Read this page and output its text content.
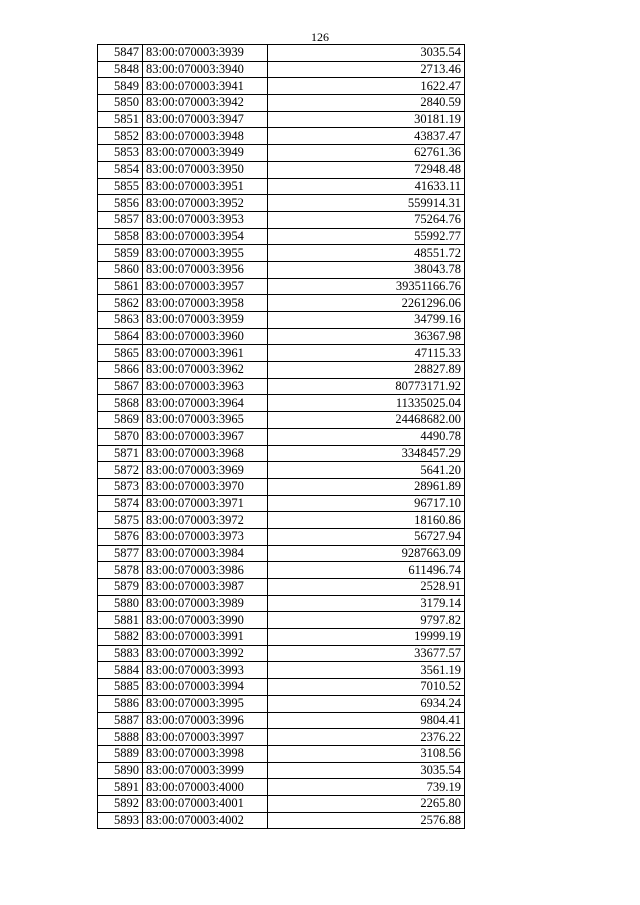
126
5847	83:00:070003:3939	3035.54
5848	83:00:070003:3940	2713.46
5849	83:00:070003:3941	1622.47
5850	83:00:070003:3942	2840.59
5851	83:00:070003:3947	30181.19
5852	83:00:070003:3948	43837.47
5853	83:00:070003:3949	62761.36
5854	83:00:070003:3950	72948.48
5855	83:00:070003:3951	41633.11
5856	83:00:070003:3952	559914.31
5857	83:00:070003:3953	75264.76
5858	83:00:070003:3954	55992.77
5859	83:00:070003:3955	48551.72
5860	83:00:070003:3956	38043.78
5861	83:00:070003:3957	39351166.76
5862	83:00:070003:3958	2261296.06
5863	83:00:070003:3959	34799.16
5864	83:00:070003:3960	36367.98
5865	83:00:070003:3961	47115.33
5866	83:00:070003:3962	28827.89
5867	83:00:070003:3963	80773171.92
5868	83:00:070003:3964	11335025.04
5869	83:00:070003:3965	24468682.00
5870	83:00:070003:3967	4490.78
5871	83:00:070003:3968	3348457.29
5872	83:00:070003:3969	5641.20
5873	83:00:070003:3970	28961.89
5874	83:00:070003:3971	96717.10
5875	83:00:070003:3972	18160.86
5876	83:00:070003:3973	56727.94
5877	83:00:070003:3984	9287663.09
5878	83:00:070003:3986	611496.74
5879	83:00:070003:3987	2528.91
5880	83:00:070003:3989	3179.14
5881	83:00:070003:3990	9797.82
5882	83:00:070003:3991	19999.19
5883	83:00:070003:3992	33677.57
5884	83:00:070003:3993	3561.19
5885	83:00:070003:3994	7010.52
5886	83:00:070003:3995	6934.24
5887	83:00:070003:3996	9804.41
5888	83:00:070003:3997	2376.22
5889	83:00:070003:3998	3108.56
5890	83:00:070003:3999	3035.54
5891	83:00:070003:4000	739.19
5892	83:00:070003:4001	2265.80
5893	83:00:070003:4002	2576.88
